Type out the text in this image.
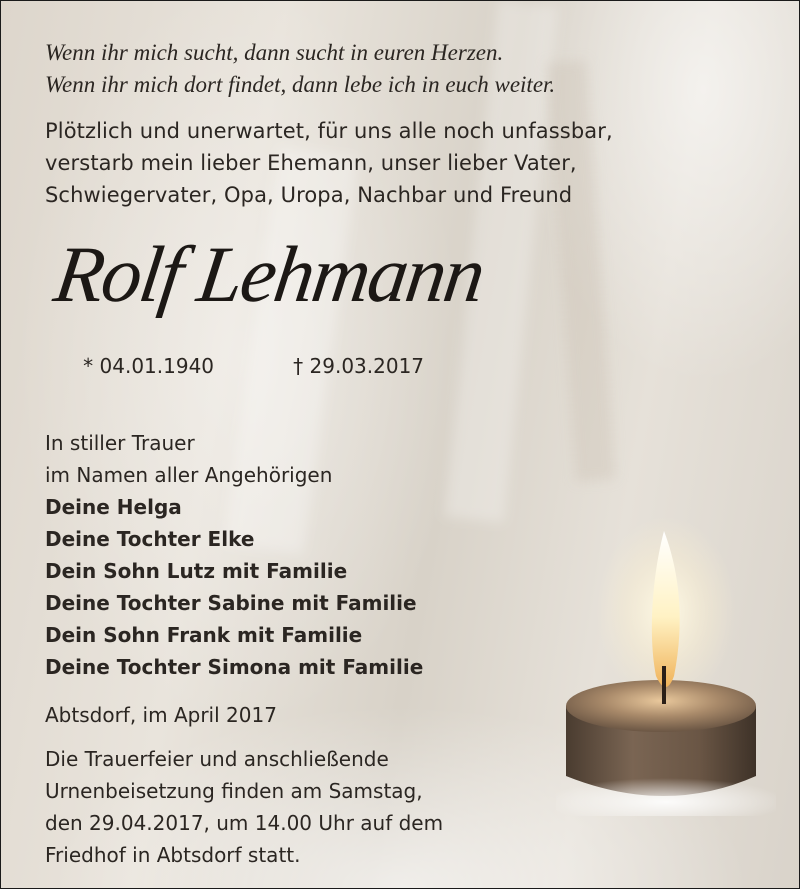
Wenn ihr mich sucht, dann sucht in euren Herzen.
Wenn ihr mich dort findet, dann lebe ich in euch weiter.
Plötzlich und unerwartet, für uns alle noch unfassbar,
verstarb mein lieber Ehemann, unser lieber Vater,
Schwiegervater, Opa, Uropa, Nachbar und Freund
Rolf Lehmann

* 04.01.1940	† 29.03.2017

In stiller Trauer
im Namen aller Angehörigen
Deine Helga
Deine Tochter Elke
Dein Sohn Lutz mit Familie
Deine Tochter Sabine mit Familie
Dein Sohn Frank mit Familie
Deine Tochter Simona mit Familie
Abtsdorf, im April 2017
Die Trauerfeier und anschließende
Urnenbeisetzung finden am Samstag,
den 29.04.2017, um 14.00 Uhr auf dem
Friedhof in Abtsdorf statt.
